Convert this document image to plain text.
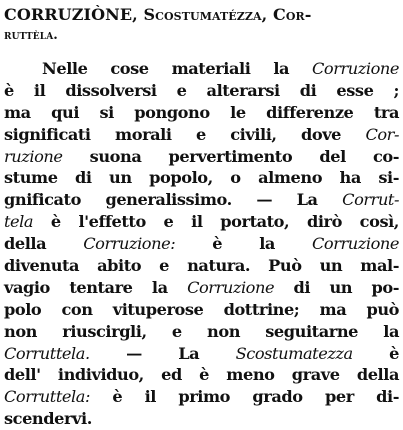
CORRUZIÒNE, Scostumatézza, Cor-
ruttèla.
Nelle cose materiali la Corruzione
è il dissolversi e alterarsi di esse ;
ma qui si pongono le differenze tra
significati morali e civili, dove Cor-
ruzione suona pervertimento del co-
stume di un popolo, o almeno ha si-
gnificato generalissimo. — La Corrut-
tela è l'effetto e il portato, dirò così,
della Corruzione: è la Corruzione
divenuta abito e natura. Può un mal-
vagio tentare la Corruzione di un po-
polo con vituperose dottrine; ma può
non riuscirgli, e non seguitarne la
Corruttela. — La Scostumatezza è
dell' individuo, ed è meno grave della
Corruttela: è il primo grado per di-
scendervi.
